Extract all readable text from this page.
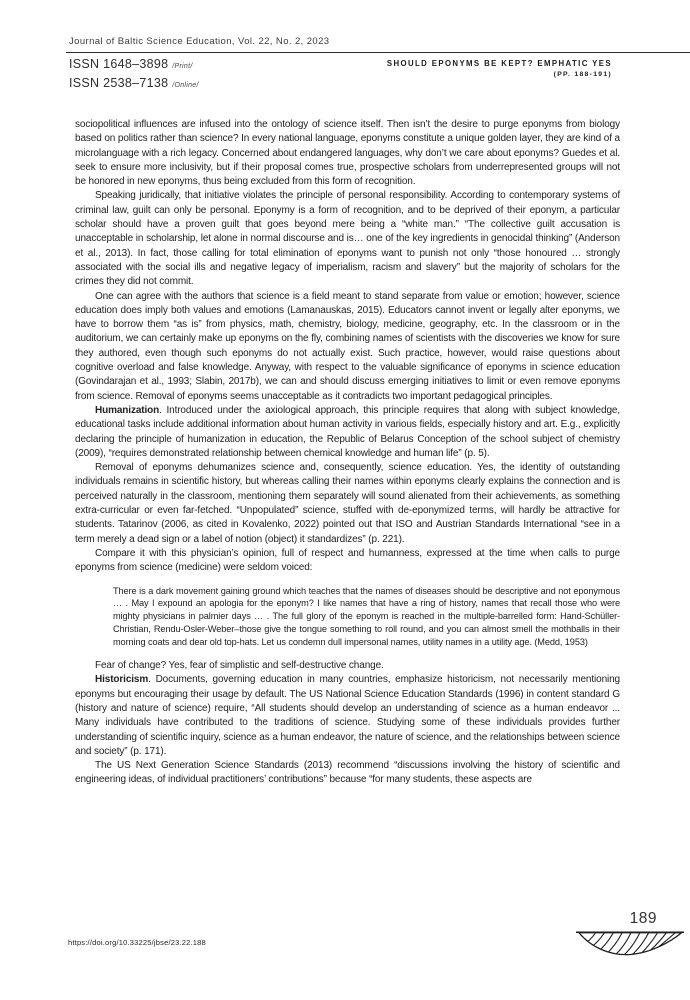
Journal of Baltic Science Education, Vol. 22, No. 2, 2023
ISSN 1648–3898 /Print/
ISSN 2538–7138 /Online/
SHOULD EPONYMS BE KEPT? EMPHATIC YES
(PP. 188-191)

sociopolitical influences are infused into the ontology of science itself. Then isn’t the desire to purge eponyms from biology based on politics rather than science? In every national language, eponyms constitute a unique golden layer, they are kind of a microlanguage with a rich legacy. Concerned about endangered languages, why don’t we care about eponyms? Guedes et al. seek to ensure more inclusivity, but if their proposal comes true, prospective scholars from underrepresented groups will not be honored in new eponyms, thus being excluded from this form of recognition.

Speaking juridically, that initiative violates the principle of personal responsibility. According to contemporary systems of criminal law, guilt can only be personal. Eponymy is a form of recognition, and to be deprived of their eponym, a particular scholar should have a proven guilt that goes beyond mere being a “white man.” “The collective guilt accusation is unacceptable in scholarship, let alone in normal discourse and is… one of the key ingredients in genocidal thinking” (Anderson et al., 2013). In fact, those calling for total elimination of eponyms want to punish not only “those honoured … strongly associated with the social ills and negative legacy of imperialism, racism and slavery” but the majority of scholars for the crimes they did not commit.

One can agree with the authors that science is a field meant to stand separate from value or emotion; however, science education does imply both values and emotions (Lamanauskas, 2015). Educators cannot invent or legally alter eponyms, we have to borrow them “as is” from physics, math, chemistry, biology, medicine, geography, etc. In the classroom or in the auditorium, we can certainly make up eponyms on the fly, combining names of scientists with the discoveries we know for sure they authored, even though such eponyms do not actually exist. Such practice, however, would raise questions about cognitive overload and false knowledge. Anyway, with respect to the valuable significance of eponyms in science education (Govindarajan et al., 1993; Slabin, 2017b), we can and should discuss emerging initiatives to limit or even remove eponyms from science. Removal of eponyms seems unacceptable as it contradicts two important pedagogical principles.

Humanization. Introduced under the axiological approach, this principle requires that along with subject knowledge, educational tasks include additional information about human activity in various fields, especially history and art. E.g., explicitly declaring the principle of humanization in education, the Republic of Belarus Conception of the school subject of chemistry (2009), “requires demonstrated relationship between chemical knowledge and human life” (p. 5).

Removal of eponyms dehumanizes science and, consequently, science education. Yes, the identity of outstanding individuals remains in scientific history, but whereas calling their names within eponyms clearly explains the connection and is perceived naturally in the classroom, mentioning them separately will sound alienated from their achievements, as something extra-curricular or even far-fetched. “Unpopulated” science, stuffed with de-eponymized terms, will hardly be attractive for students. Tatarinov (2006, as cited in Kovalenko, 2022) pointed out that ISO and Austrian Standards International “see in a term merely a dead sign or a label of notion (object) it standardizes” (p. 221).

Compare it with this physician’s opinion, full of respect and humanness, expressed at the time when calls to purge eponyms from science (medicine) were seldom voiced:

There is a dark movement gaining ground which teaches that the names of diseases should be descriptive and not eponymous … . May I expound an apologia for the eponym? I like names that have a ring of history, names that recall those who were mighty physicians in palmier days … . The full glory of the eponym is reached in the multiple-barrelled form: Hand-Schüller-Christian, Rendu-Osler-Weber–those give the tongue something to roll round, and you can almost smell the mothballs in their morning coats and dear old top-hats. Let us condemn dull impersonal names, utility names in a utility age. (Medd, 1953)

Fear of change? Yes, fear of simplistic and self-destructive change.

Historicism. Documents, governing education in many countries, emphasize historicism, not necessarily mentioning eponyms but encouraging their usage by default. The US National Science Education Standards (1996) in content standard G (history and nature of science) require, “All students should develop an understanding of science as a human endeavor ... Many individuals have contributed to the traditions of science. Studying some of these individuals provides further understanding of scientific inquiry, science as a human endeavor, the nature of science, and the relationships between science and society” (p. 171).

The US Next Generation Science Standards (2013) recommend “discussions involving the history of scientific and engineering ideas, of individual practitioners’ contributions” because “for many students, these aspects are

https://doi.org/10.33225/jbse/23.22.188
189
